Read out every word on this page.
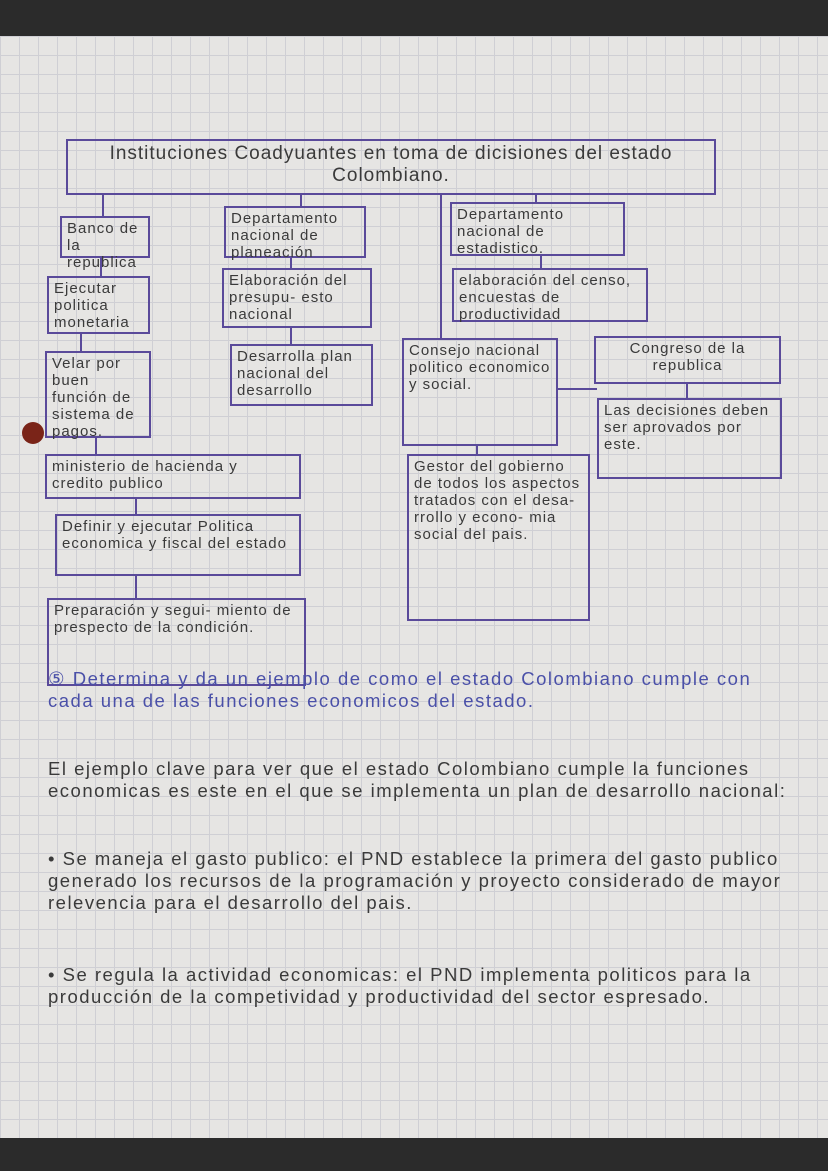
Instituciones Coadyuantes en toma de dicisiones del estado Colombiano.
Banco de la republica
Ejecutar politica monetaria
Velar por buen función de sistema de pagos.
Departamento nacional de planeación
Elaboración del presupu- esto nacional
Desarrolla plan nacional del desarrollo
Departamento nacional de estadistico.
elaboración del censo, encuestas de productividad
Consejo nacional politico economico y social.
Gestor del gobierno de todos los aspectos tratados con el desa- rrollo y econo- mia social del pais.
Congreso de la republica
Las decisiones deben ser aprovados por este.
ministerio de hacienda y credito publico
Definir y ejecutar Politica economica y fiscal del estado
Preparación y segui- miento de prespecto de la condición.
⑤ Determina y da un ejemplo de como el estado Colombiano cumple con cada una de las funciones economicos del estado.
El ejemplo clave para ver que el estado Colombiano cumple la funciones economicas es este en el que se implementa un plan de desarrollo nacional:
• Se maneja el gasto publico: el PND establece la primera del gasto publico generado los recursos de la programación y proyecto considerado de mayor relevencia para el desarrollo del pais.
• Se regula la actividad economicas: el PND implementa politicos para la producción de la competividad y productividad del sector espresado.
